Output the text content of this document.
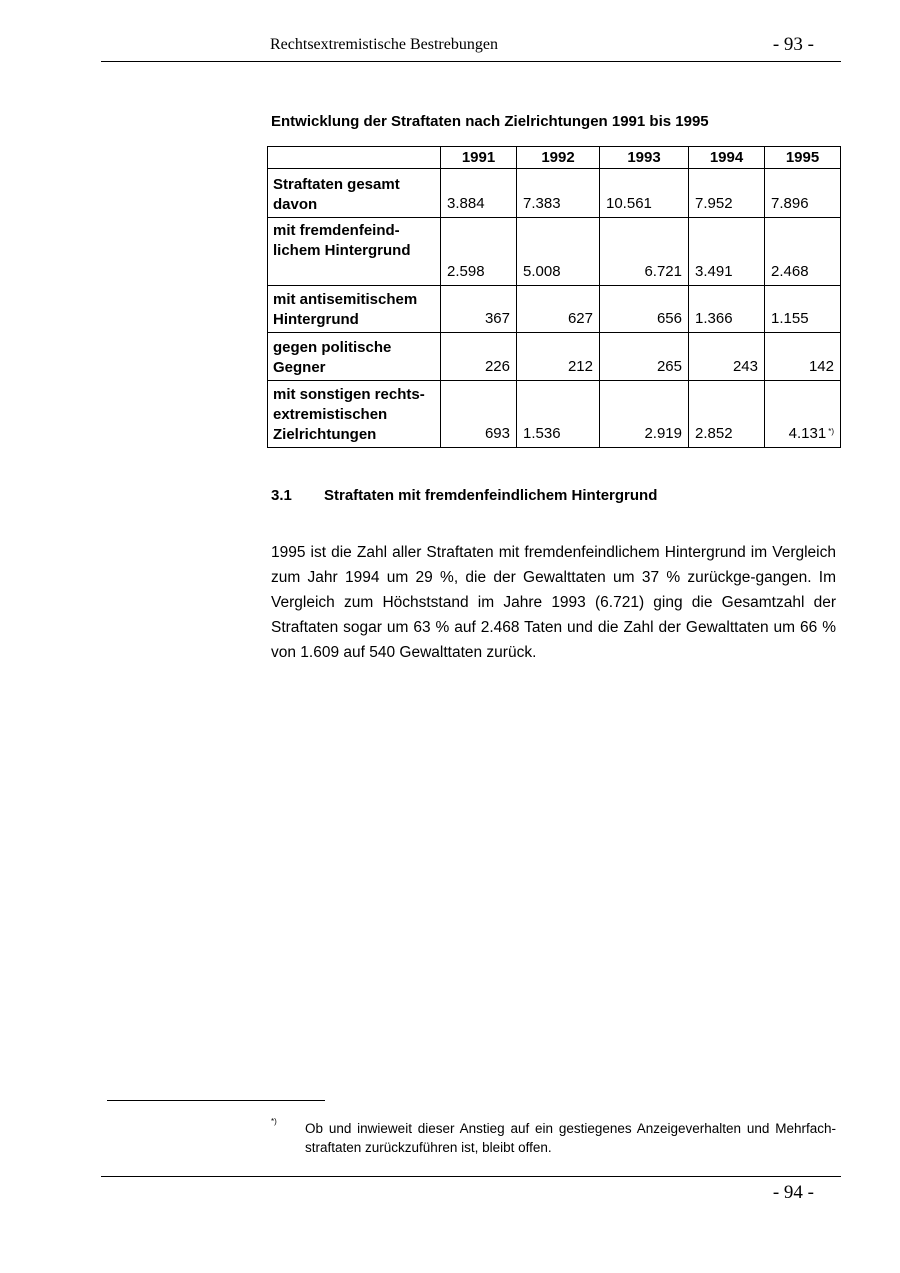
Rechtsextremistische Bestrebungen	- 93 -
Entwicklung der Straftaten nach Zielrichtungen 1991 bis 1995
	1991	1992	1993	1994	1995
Straftaten gesamt davon	3.884	7.383	10.561	7.952	7.896
mit fremdenfeind-lichem Hintergrund	2.598	5.008	6.721	3.491	2.468
mit antisemitischem Hintergrund	367	627	656	1.366	1.155
gegen politische Gegner	226	212	265	243	142
mit sonstigen rechts-extremistischen Zielrichtungen	693	1.536	2.919	2.852	4.131 *)
3.1 Straftaten mit fremdenfeindlichem Hintergrund
1995 ist die Zahl aller Straftaten mit fremdenfeindlichem Hintergrund im Vergleich zum Jahr 1994 um 29 %, die der Gewalttaten um 37 % zurückge-gangen. Im Vergleich zum Höchststand im Jahre 1993 (6.721) ging die Gesamtzahl der Straftaten sogar um 63 % auf 2.468 Taten und die Zahl der Gewalttaten um 66 % von 1.609 auf 540 Gewalttaten zurück.
*) Ob und inwieweit dieser Anstieg auf ein gestiegenes Anzeigeverhalten und Mehrfach-straftaten zurückzuführen ist, bleibt offen.
- 94 -
